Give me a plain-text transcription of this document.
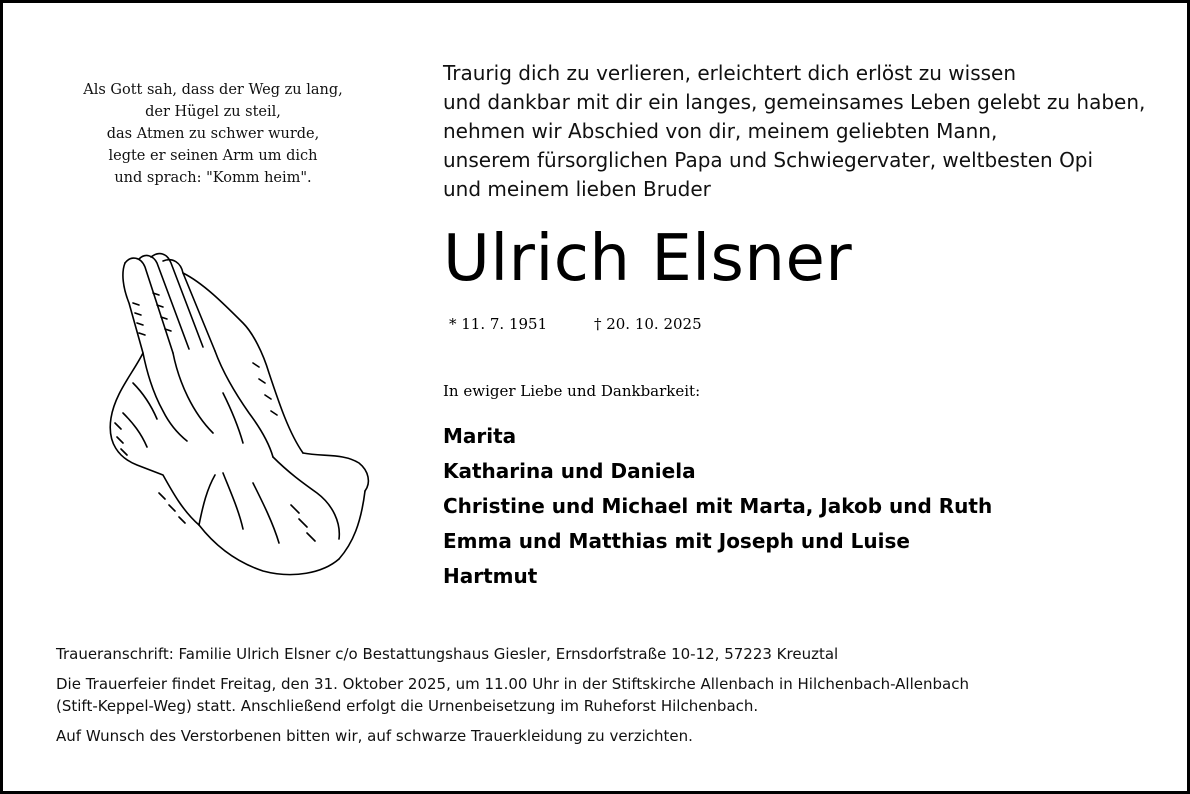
Als Gott sah, dass der Weg zu lang,
der Hügel zu steil,
das Atmen zu schwer wurde,
legte er seinen Arm um dich
und sprach: "Komm heim".
Traurig dich zu verlieren, erleichtert dich erlöst zu wissen
und dankbar mit dir ein langes, gemeinsames Leben gelebt zu haben,
nehmen wir Abschied von dir, meinem geliebten Mann,
unserem fürsorglichen Papa und Schwiegervater, weltbesten Opi
und meinem lieben Bruder
Ulrich Elsner
* 11. 7. 1951	† 20. 10. 2025
In ewiger Liebe und Dankbarkeit:
Marita
Katharina und Daniela
Christine und Michael mit Marta, Jakob und Ruth
Emma und Matthias mit Joseph und Luise
Hartmut

Traueranschrift: Familie Ulrich Elsner c/o Bestattungshaus Giesler, Ernsdorfstraße 10-12, 57223 Kreuztal

Die Trauerfeier findet Freitag, den 31. Oktober 2025, um 11.00 Uhr in der Stiftskirche Allenbach in Hilchenbach-Allenbach
(Stift-Keppel-Weg) statt. Anschließend erfolgt die Urnenbeisetzung im Ruheforst Hilchenbach.

Auf Wunsch des Verstorbenen bitten wir, auf schwarze Trauerkleidung zu verzichten.
